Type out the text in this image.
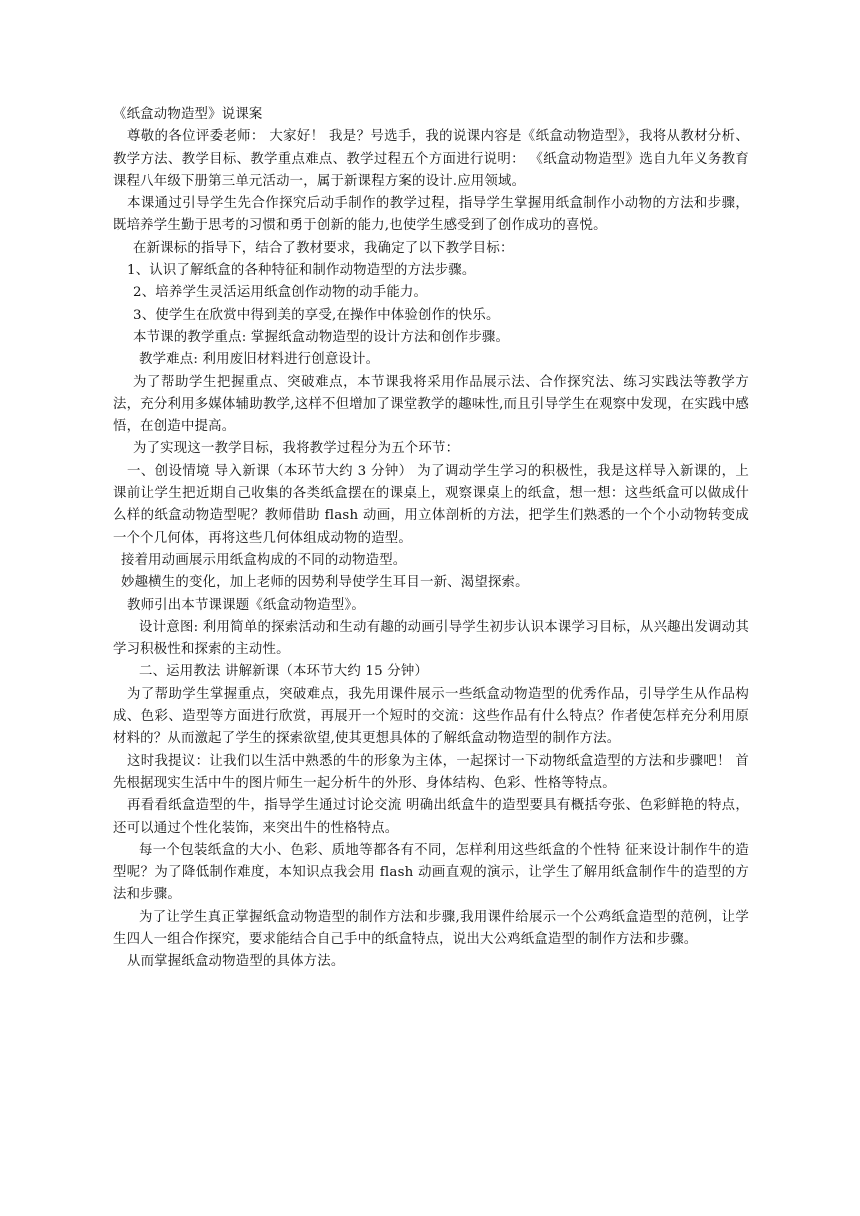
《纸盒动物造型》说课案

尊敬的各位评委老师： 大家好！ 我是？号选手，我的说课内容是《纸盒动物造型》，我将从教材分析、教学方法、教学目标、教学重点难点、教学过程五个方面进行说明： 《纸盒动物造型》选自九年义务教育课程八年级下册第三单元活动一，属于新课程方案的设计.应用领域。

本课通过引导学生先合作探究后动手制作的教学过程，指导学生掌握用纸盒制作小动物的方法和步骤，既培养学生勤于思考的习惯和勇于创新的能力,也使学生感受到了创作成功的喜悦。

在新课标的指导下，结合了教材要求，我确定了以下教学目标：

1、认识了解纸盒的各种特征和制作动物造型的方法步骤。

2、培养学生灵活运用纸盒创作动物的动手能力。

3、使学生在欣赏中得到美的享受,在操作中体验创作的快乐。

本节课的教学重点: 掌握纸盒动物造型的设计方法和创作步骤。

教学难点: 利用废旧材料进行创意设计。

为了帮助学生把握重点、突破难点，本节课我将采用作品展示法、合作探究法、练习实践法等教学方法，充分利用多媒体辅助教学,这样不但增加了课堂教学的趣味性,而且引导学生在观察中发现，在实践中感悟，在创造中提高。

为了实现这一教学目标，我将教学过程分为五个环节：

一、创设情境 导入新课（本环节大约 3 分钟） 为了调动学生学习的积极性，我是这样导入新课的，上课前让学生把近期自己收集的各类纸盒摆在的课桌上，观察课桌上的纸盒，想一想：这些纸盒可以做成什么样的纸盒动物造型呢？教师借助 flash 动画，用立体剖析的方法，把学生们熟悉的一个个小动物转变成一个个几何体，再将这些几何体组成动物的造型。

接着用动画展示用纸盒构成的不同的动物造型。

妙趣横生的变化，加上老师的因势利导使学生耳目一新、渴望探索。

教师引出本节课课题《纸盒动物造型》。

设计意图: 利用简单的探索活动和生动有趣的动画引导学生初步认识本课学习目标，从兴趣出发调动其学习积极性和探索的主动性。

二、运用教法 讲解新课（本环节大约 15 分钟）

为了帮助学生掌握重点，突破难点，我先用课件展示一些纸盒动物造型的优秀作品，引导学生从作品构成、色彩、造型等方面进行欣赏，再展开一个短时的交流：这些作品有什么特点？作者使怎样充分利用原材料的？从而激起了学生的探索欲望,使其更想具体的了解纸盒动物造型的制作方法。

这时我提议：让我们以生活中熟悉的牛的形象为主体，一起探讨一下动物纸盒造型的方法和步骤吧！ 首先根据现实生活中牛的图片师生一起分析牛的外形、身体结构、色彩、性格等特点。

再看看纸盒造型的牛，指导学生通过讨论交流 明确出纸盒牛的造型要具有概括夸张、色彩鲜艳的特点，还可以通过个性化装饰，来突出牛的性格特点。

每一个包装纸盒的大小、色彩、质地等都各有不同，怎样利用这些纸盒的个性特 征来设计制作牛的造型呢？为了降低制作难度，本知识点我会用 flash 动画直观的演示，让学生了解用纸盒制作牛的造型的方法和步骤。

为了让学生真正掌握纸盒动物造型的制作方法和步骤,我用课件给展示一个公鸡纸盒造型的范例，让学生四人一组合作探究，要求能结合自己手中的纸盒特点，说出大公鸡纸盒造型的制作方法和步骤。

从而掌握纸盒动物造型的具体方法。
